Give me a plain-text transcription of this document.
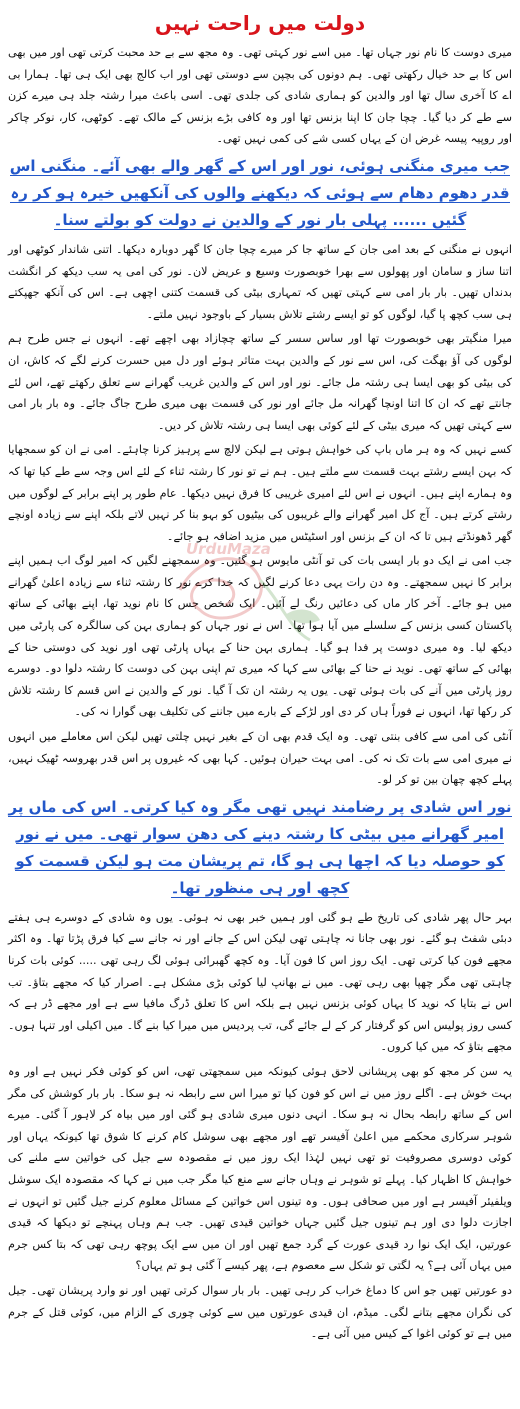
دولت میں راحت نہیں

میری دوست کا نام نور جہاں تھا۔ میں اسے نور کہتی تھی۔ وہ مجھ سے بے حد محبت کرتی تھی اور میں بھی اس کا بے حد خیال رکھتی تھی۔ ہم دونوں کی بچپن سے دوستی تھی اور اب کالج بھی ایک ہی تھا۔ ہمارا بی اے کا آخری سال تھا اور والدین کو ہماری شادی کی جلدی تھی۔ اسی باعث میرا رشتہ جلد ہی میرے کزن سے طے کر دیا گیا۔ چچا جان کا اپنا بزنس تھا اور وہ کافی بڑے بزنس کے مالک تھے۔ کوٹھی، کار، نوکر چاکر اور روپیہ پیسہ غرض ان کے یہاں کسی شے کی کمی نہیں تھی۔

جب میری منگنی ہوئی، نور اور اس کے گھر والے بھی آئے۔ منگنی اس قدر دھوم دھام سے ہوئی کہ دیکھنے والوں کی آنکھیں خیرہ ہو کر رہ گئیں ...... پہلی بار نور کے والدین نے دولت کو بولتے سنا۔

انہوں نے منگنی کے بعد امی جان کے ساتھ جا کر میرے چچا جان کا گھر دوبارہ دیکھا۔ اتنی شاندار کوٹھی اور اتنا ساز و سامان اور پھولوں سے بھرا خوبصورت وسیع و عریض لان۔ نور کی امی یہ سب دیکھ کر انگشت بدنداں تھیں۔ بار بار امی سے کہتی تھیں کہ تمہاری بیٹی کی قسمت کتنی اچھی ہے۔ اس کی آنکھ جھپکتے ہی سب کچھ پا گیا، لوگوں کو تو ایسے رشتے تلاش بسیار کے باوجود نہیں ملتے۔

میرا منگیتر بھی خوبصورت تھا اور ساس سسر کے ساتھ چچازاد بھی اچھے تھے۔ انہوں نے جس طرح ہم لوگوں کی آؤ بھگت کی، اس سے نور کے والدین بہت متاثر ہوئے اور دل میں حسرت کرنے لگے کہ کاش، ان کی بیٹی کو بھی ایسا ہی رشتہ مل جائے۔ نور اور اس کے والدین غریب گھرانے سے تعلق رکھتے تھے، اس لئے جانتے تھے کہ ان کا اتنا اونچا گھرانہ مل جائے اور نور کی قسمت بھی میری طرح جاگ جائے۔ وہ بار بار امی سے کہتی تھیں کہ میری بیٹی کے لئے کوئی بھی ایسا ہی رشتہ تلاش کر دیں۔

کسے نہیں کہ وہ ہر ماں باپ کی خواہش ہوتی ہے لیکن لالچ سے پرہیز کرنا چاہئے۔ امی نے ان کو سمجھایا کہ بہن ایسے رشتے بہت قسمت سے ملتے ہیں۔ ہم نے تو نور کا رشتہ ثناء کے لئے اس وجہ سے طے کیا تھا کہ وہ ہمارے اپنے ہیں۔ انہوں نے اس لئے امیری غریبی کا فرق نہیں دیکھا۔ عام طور پر اپنے برابر کے لوگوں میں رشتے کرتے ہیں۔ آج کل امیر گھرانے والے غریبوں کی بیٹیوں کو بہو بنا کر نہیں لاتے بلکہ اپنے سے زیادہ اونچے گھر ڈھونڈتے ہیں تا کہ ان کے بزنس اور اسٹیٹس میں مزید اضافہ ہو جائے۔

جب امی نے ایک دو بار ایسی بات کی تو آنٹی مایوس ہو گئیں۔ وہ سمجھنے لگیں کہ امیر لوگ اب ہمیں اپنے برابر کا نہیں سمجھتے۔ وہ دن رات یہی دعا کرنے لگیں کہ خدا کرے نور کا رشتہ ثناء سے زیادہ اعلیٰ گھرانے میں ہو جائے۔ آخر کار ماں کی دعائیں رنگ لے آئیں۔ ایک شخص جس کا نام نوید تھا، اپنے بھائی کے ساتھ پاکستان کسی بزنس کے سلسلے میں آیا ہوا تھا۔ اس نے نور جہاں کو ہماری بہن کی سالگرہ کی پارٹی میں دیکھ لیا۔ وہ میری دوست پر فدا ہو گیا۔ ہماری بہن حنا کے یہاں پارٹی تھی اور نوید کی دوستی حنا کے بھائی کے ساتھ تھی۔ نوید نے حنا کے بھائی سے کہا کہ میری تم اپنی بہن کی دوست کا رشتہ دلوا دو۔ دوسرے روز پارٹی میں آنے کی بات ہوئی تھی۔ یوں یہ رشتہ ان تک آ گیا۔ نور کے والدین نے اس قسم کا رشتہ تلاش کر رکھا تھا، انہوں نے فوراً ہاں کر دی اور لڑکے کے بارے میں جاننے کی تکلیف بھی گوارا نہ کی۔

آنٹی کی امی سے کافی بنتی تھی۔ وہ ایک قدم بھی ان کے بغیر نہیں چلتی تھیں لیکن اس معاملے میں انہوں نے میری امی سے بات تک نہ کی۔ امی بہت حیران ہوئیں۔ کہا بھی کہ غیروں پر اس قدر بھروسہ ٹھیک نہیں، پہلے کچھ چھان بین تو کر لو۔

نور اس شادی پر رضامند نہیں تھی مگر وہ کیا کرتی۔ اس کی ماں پر امیر گھرانے میں بیٹی کا رشتہ دینے کی دھن سوار تھی۔ میں نے نور کو حوصلہ دیا کہ اچھا ہی ہو گا، تم پریشان مت ہو لیکن قسمت کو کچھ اور ہی منظور تھا۔

بہر حال پھر شادی کی تاریخ طے ہو گئی اور ہمیں خبر بھی نہ ہوئی۔ یوں وہ شادی کے دوسرے ہی ہفتے دبئی شفٹ ہو گئے۔ نور بھی جانا نہ چاہتی تھی لیکن اس کے جانے اور نہ جانے سے کیا فرق پڑتا تھا۔ وہ اکثر مجھے فون کیا کرتی تھی۔ ایک روز اس کا فون آیا۔ وہ کچھ گھبرائی ہوئی لگ رہی تھی ..... کوئی بات کرنا چاہتی تھی مگر چھپا بھی رہی تھی۔ میں نے بھانپ لیا کوئی بڑی مشکل ہے۔ اصرار کیا کہ مجھے بتاؤ۔ تب اس نے بتایا کہ نوید کا یہاں کوئی بزنس نہیں ہے بلکہ اس کا تعلق ڈرگ مافیا سے ہے اور مجھے ڈر ہے کہ کسی روز پولیس اس کو گرفتار کر کے لے جائے گی، تب پردیس میں میرا کیا بنے گا۔ میں اکیلی اور تنہا ہوں۔ مجھے بتاؤ کہ میں کیا کروں۔

یہ سن کر مجھ کو بھی پریشانی لاحق ہوئی کیونکہ میں سمجھتی تھی، اس کو کوئی فکر نہیں ہے اور وہ بہت خوش ہے۔ اگلے روز میں نے اس کو فون کیا تو میرا اس سے رابطہ نہ ہو سکا۔ بار بار کوشش کی مگر اس کے ساتھ رابطہ بحال نہ ہو سکا۔ انہی دنوں میری شادی ہو گئی اور میں بیاہ کر لاہور آ گئی۔ میرے شوہر سرکاری محکمے میں اعلیٰ آفیسر تھے اور مجھے بھی سوشل کام کرنے کا شوق تھا کیونکہ یہاں اور کوئی دوسری مصروفیت تو تھی نہیں لہٰذا ایک روز میں نے مقصودہ سے جیل کی خواتین سے ملنے کی خواہش کا اظہار کیا۔ پہلے تو شوہر نے وہاں جانے سے منع کیا مگر جب میں نے کہا کہ مقصودہ ایک سوشل ویلفیئر آفیسر ہے اور میں صحافی ہوں۔ وہ تینوں اس خواتین کے مسائل معلوم کرنے جیل گئیں تو انہوں نے اجازت دلوا دی اور ہم تینوں جیل گئیں جہاں خواتین قیدی تھیں۔ جب ہم وہاں پہنچے تو دیکھا کہ قیدی عورتیں، ایک ایک نوا رد قیدی عورت کے گرد جمع تھیں اور ان میں سے ایک پوچھ رہی تھی کہ بتا کس جرم میں یہاں آئی ہے؟ یہ لگتی تو شکل سے معصوم ہے، پھر کیسے آ گئی ہو تم یہاں؟

دو عورتیں تھیں جو اس کا دماغ خراب کر رہی تھیں۔ بار بار سوال کرتی تھیں اور نو وارد پریشان تھی۔ جیل کی نگران مجھے بتانے لگی۔ میڈم، ان قیدی عورتوں میں سے کوئی چوری کے الزام میں، کوئی قتل کے جرم میں ہے تو کوئی اغوا کے کیس میں آئی ہے۔

UrduMaza
